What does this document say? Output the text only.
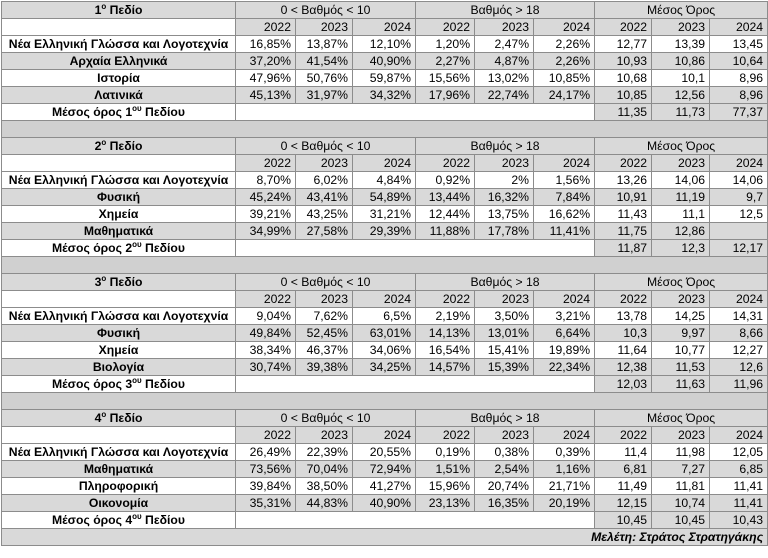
$1^o$ Πεδίο	0 < Βαθμός < 10			Βαθμός > 18			Μέσος Όρος		
	2022	2023	2024	2022	2023	2024	2022	2023	2024
Νέα Ελληνική Γλώσσα και Λογοτεχνία	16,85%	13,87%	12,10%	1,20%	2,47%	2,26%	12,77	13,39	13,45
Αρχαία Ελληνικά	37,20%	41,54%	40,90%	2,27%	4,87%	2,26%	10,93	10,86	10,64
Ιστορία	47,96%	50,76%	59,87%	15,56%	13,02%	10,85%	10,68	10,1	8,96
Λατινικά	45,13%	31,97%	34,32%	17,96%	22,74%	24,17%	10,85	12,56	8,96
Μέσος όρος $1^{o\upsilon}$ Πεδίου							11,35	11,73	77,37

$2^o$ Πεδίο	0 < Βαθμός < 10			Βαθμός > 18			Μέσος Όρος		
	2022	2023	2024	2022	2023	2024	2022	2023	2024
Νέα Ελληνική Γλώσσα και Λογοτεχνία	8,70%	6,02%	4,84%	0,92%	2%	1,56%	13,26	14,06	14,06
Φυσική	45,24%	43,41%	54,89%	13,44%	16,32%	7,84%	10,91	11,19	9,7
Χημεία	39,21%	43,25%	31,21%	12,44%	13,75%	16,62%	11,43	11,1	12,5
Μαθηματικά	34,99%	27,58%	29,39%	11,88%	17,78%	11,41%	11,75	12,86	
Μέσος όρος $2^{o\upsilon}$ Πεδίου							11,87	12,3	12,17

$3^o$ Πεδίο	0 < Βαθμός < 10			Βαθμός > 18			Μέσος Όρος		
	2022	2023	2024	2022	2023	2024	2022	2023	2024
Νέα Ελληνική Γλώσσα και Λογοτεχνία	9,04%	7,62%	6,5%	2,19%	3,50%	3,21%	13,78	14,25	14,31
Φυσική	49,84%	52,45%	63,01%	14,13%	13,01%	6,64%	10,3	9,97	8,66
Χημεία	38,34%	46,37%	34,06%	16,54%	15,41%	19,89%	11,64	10,77	12,27
Βιολογία	30,74%	39,38%	34,25%	14,57%	15,39%	22,34%	12,38	11,53	12,6
Μέσος όρος $3^{o\upsilon}$ Πεδίου							12,03	11,63	11,96

$4^o$ Πεδίο	0 < Βαθμός < 10			Βαθμός > 18			Μέσος Όρος		
	2022	2023	2024	2022	2023	2024	2022	2023	2024
Νέα Ελληνική Γλώσσα και Λογοτεχνία	26,49%	22,39%	20,55%	0,19%	0,38%	0,39%	11,4	11,98	12,05
Μαθηματικά	73,56%	70,04%	72,94%	1,51%	2,54%	1,16%	6,81	7,27	6,85
Πληροφορική	39,84%	38,50%	41,27%	15,96%	20,74%	21,71%	11,49	11,81	11,41
Οικονομία	35,31%	44,83%	40,90%	23,13%	16,35%	20,19%	12,15	10,74	11,41
Μέσος όρος $4^{o\upsilon}$ Πεδίου							10,45	10,45	10,43
Μελέτη: Στράτος Στρατηγάκης									
